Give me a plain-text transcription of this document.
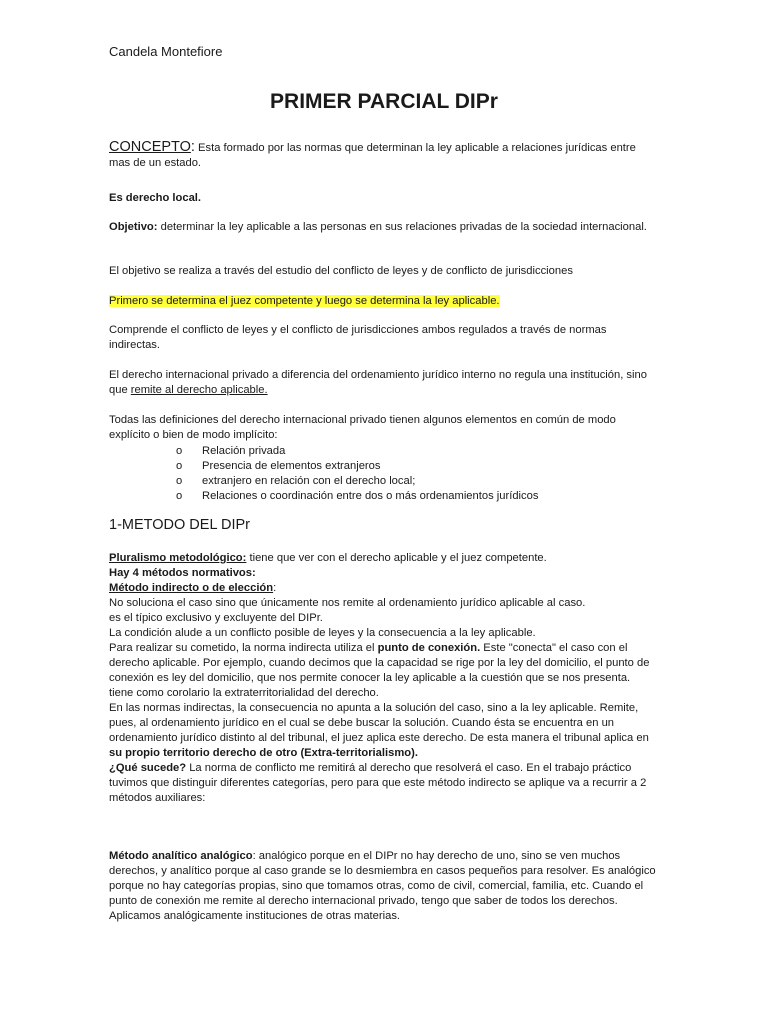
Candela Montefiore
PRIMER PARCIAL DIPr

CONCEPTO: Esta formado por las normas que determinan la ley aplicable a relaciones jurídicas entre mas de un estado.

Es derecho local.

Objetivo: determinar la ley aplicable a las personas en sus relaciones privadas de la sociedad internacional.

El objetivo se realiza a través del estudio del conflicto de leyes y de conflicto de jurisdicciones

Primero se determina el juez competente y luego se determina la ley aplicable.

Comprende el conflicto de leyes y el conflicto de jurisdicciones ambos regulados a través de normas indirectas.

El derecho internacional privado a diferencia del ordenamiento jurídico interno no regula una institución, sino que remite al derecho aplicable.

Todas las definiciones del derecho internacional privado tienen algunos elementos en común de modo explícito o bien de modo implícito:

o Relación privada
o Presencia de elementos extranjeros
o extranjero en relación con el derecho local;
o Relaciones o coordinación entre dos o más ordenamientos jurídicos
1-METODO DEL DIPr

Pluralismo metodológico: tiene que ver con el derecho aplicable y el juez competente.
Hay 4 métodos normativos:
Método indirecto o de elección:
No soluciona el caso sino que únicamente nos remite al ordenamiento jurídico aplicable al caso.
es el típico exclusivo y excluyente del DIPr.
La condición alude a un conflicto posible de leyes y la consecuencia a la ley aplicable.
Para realizar su cometido, la norma indirecta utiliza el punto de conexión. Este "conecta" el caso con el derecho aplicable. Por ejemplo, cuando decimos que la capacidad se rige por la ley del domicilio, el punto de conexión es ley del domicilio, que nos permite conocer la ley aplicable a la cuestión que se nos presenta.
tiene como corolario la extraterritorialidad del derecho.
En las normas indirectas, la consecuencia no apunta a la solución del caso, sino a la ley aplicable. Remite, pues, al ordenamiento jurídico en el cual se debe buscar la solución. Cuando ésta se encuentra en un ordenamiento jurídico distinto al del tribunal, el juez aplica este derecho. De esta manera el tribunal aplica en su propio territorio derecho de otro (Extra-territorialismo).
¿Qué sucede? La norma de conflicto me remitirá al derecho que resolverá el caso. En el trabajo práctico tuvimos que distinguir diferentes categorías, pero para que este método indirecto se aplique va a recurrir a 2 métodos auxiliares:

Método analítico analógico: analógico porque en el DIPr no hay derecho de uno, sino se ven muchos derechos, y analítico porque al caso grande se lo desmiembra en casos pequeños para resolver. Es analógico porque no hay categorías propias, sino que tomamos otras, como de civil, comercial, familia, etc. Cuando el punto de conexión me remite al derecho internacional privado, tengo que saber de todos los derechos. Aplicamos analógicamente instituciones de otras materias.
